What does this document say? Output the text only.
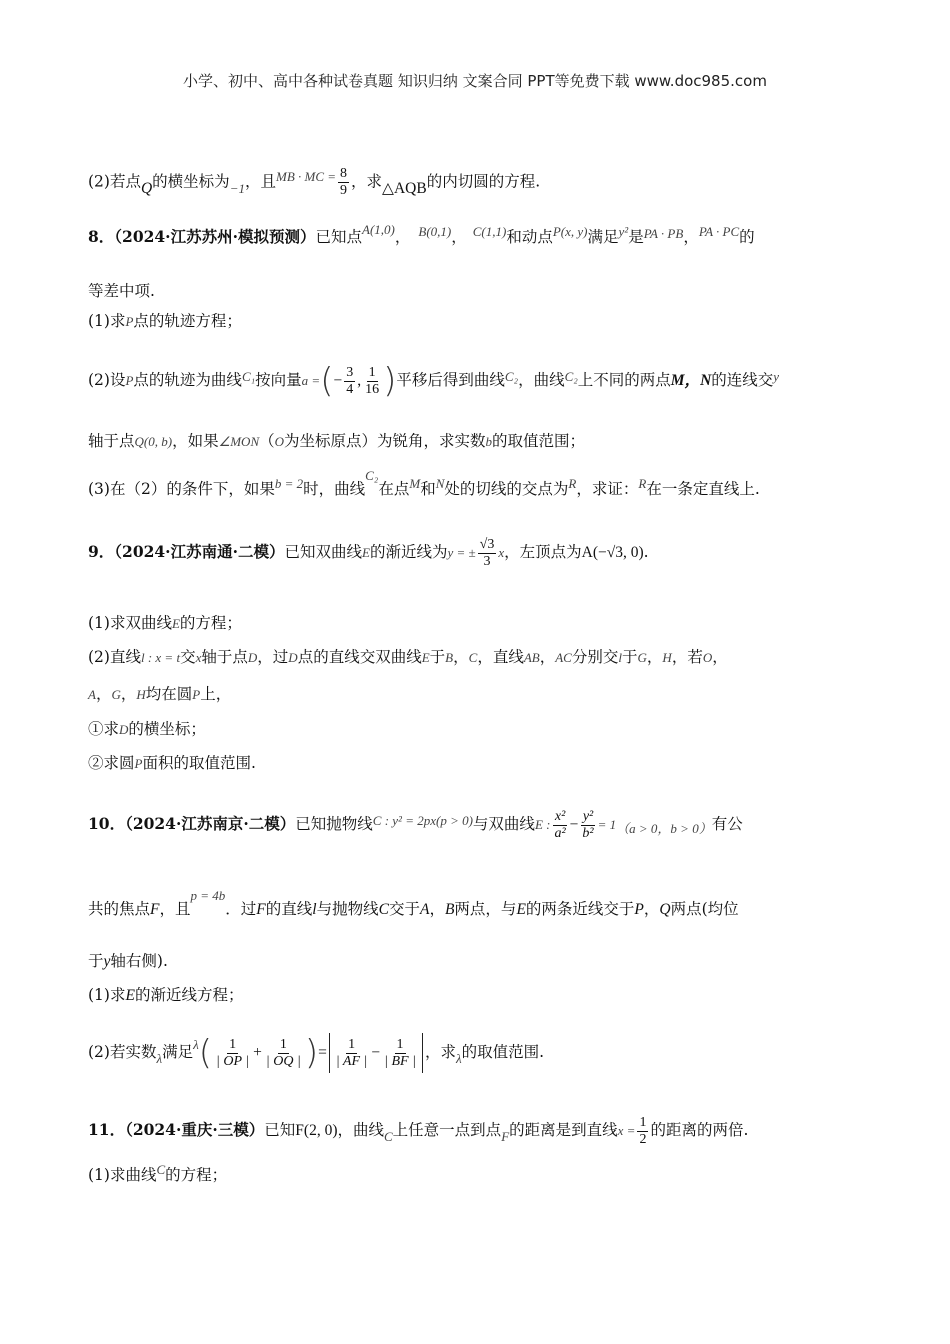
小学、初中、高中各种试卷真题 知识归纳 文案合同 PPT等免费下载 www.doc985.com
(2)若点Q的横坐标为$_{-1}$，且$^{MB \cdot MC =} \frac{8}{9}$ ，求△AQB的内切圆的方程.
8．（2024·江苏苏州·模拟预测）已知点$^{A(1,0)}$， $^{B(0,1)}$， $^{C(1,1)}$和动点$^{P(x, y)}$满足$^{y^2}$是$^{PA \cdot PB}$，$^{PA \cdot PC}$的
等差中项.
(1)求P点的轨迹方程；
(2)设P点的轨迹为曲线$^{C_1}$按向量a =(− $\frac{3}{4}$ , $\frac{1}{16}$ )平移后得到曲线$^{C_2}$，曲线$^{C_2}$上不同的两点M，N的连线交$^y$
轴于点Q(0, b)，如果∠MON（O为坐标原点）为锐角，求实数b的取值范围；
(3)在（2）的条件下，如果$^{b = 2}$时，曲线$^{C_2}$在点$^M$和$^N$处的切线的交点为$^R$，求证：$^R$在一条定直线上.
9．（2024·江苏南通·二模）已知双曲线E的渐近线为y = ± $\frac{√3}{3}$ x，左顶点为A(−√3, 0).
(1)求双曲线E的方程；
(2)直线l : x = t交x轴于点D，过D点的直线交双曲线E于B，C，直线AB，AC分别交l于G，H，若O，
A，G，H均在圆P上，
①求D的横坐标；
②求圆P面积的取值范围.
10．（2024·江苏南京·二模）已知抛物线$^{C : y^2 = 2px(p > 0)}$与双曲线E : $\frac{\text{x²}}{\text{a²}} - \frac{\text{y²}}{\text{b²}} = 1_{(a > 0,b > 0)}$有公
共的焦点F，且$^{p = 4b}$．过F的直线l与抛物线C交于A，B两点，与E的两条近线交于P，Q两点(均位
于y轴右侧).
(1)求E的渐近线方程；
(2)若实数$_\lambda$满足$^\lambda( \frac{1}{| OP |} + \frac{1}{| OQ |}$ )= $\frac{1}{| AF |} - \frac{1}{| BF |}$ ，求$_\lambda$的取值范围.
11．（2024·重庆·三模）已知F(2, 0)，曲线$_C$上任意一点到点$_F$的距离是到直线$x = \frac{1}{2}$ 的距离的两倍.
(1)求曲线$^C$的方程；
